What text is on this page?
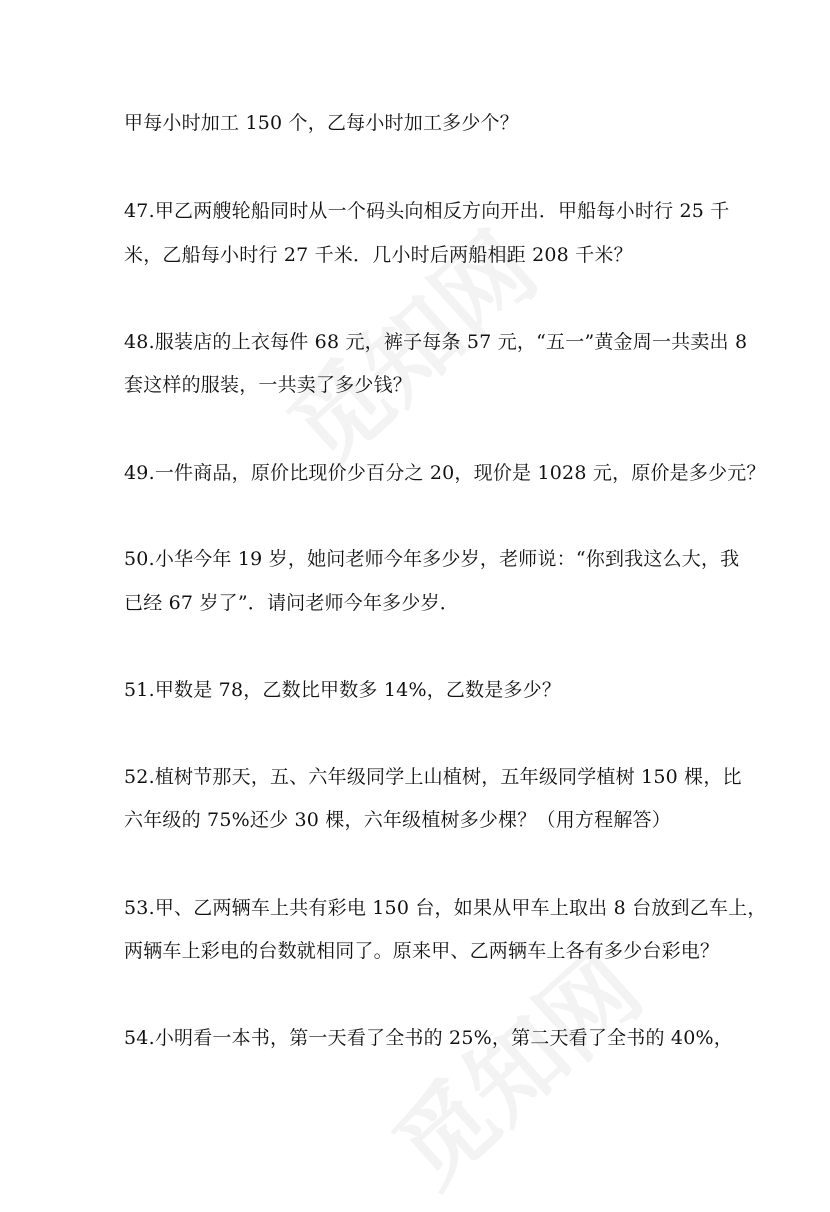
甲每小时加工 150 个，乙每小时加工多少个？
47.甲乙两艘轮船同时从一个码头向相反方向开出．甲船每小时行 25 千
米，乙船每小时行 27 千米．几小时后两船相距 208 千米？
48.服装店的上衣每件 68 元，裤子每条 57 元，“五一”黄金周一共卖出 8
套这样的服装，一共卖了多少钱？
49.一件商品，原价比现价少百分之 20，现价是 1028 元，原价是多少元？
50.小华今年 19 岁，她问老师今年多少岁，老师说：“你到我这么大，我
已经 67 岁了”．请问老师今年多少岁．
51.甲数是 78，乙数比甲数多 14%，乙数是多少？
52.植树节那天，五、六年级同学上山植树，五年级同学植树 150 棵，比
六年级的 75%还少 30 棵，六年级植树多少棵？（用方程解答）
53.甲、乙两辆车上共有彩电 150 台，如果从甲车上取出 8 台放到乙车上，
两辆车上彩电的台数就相同了。原来甲、乙两辆车上各有多少台彩电？
54.小明看一本书，第一天看了全书的 25%，第二天看了全书的 40%，
